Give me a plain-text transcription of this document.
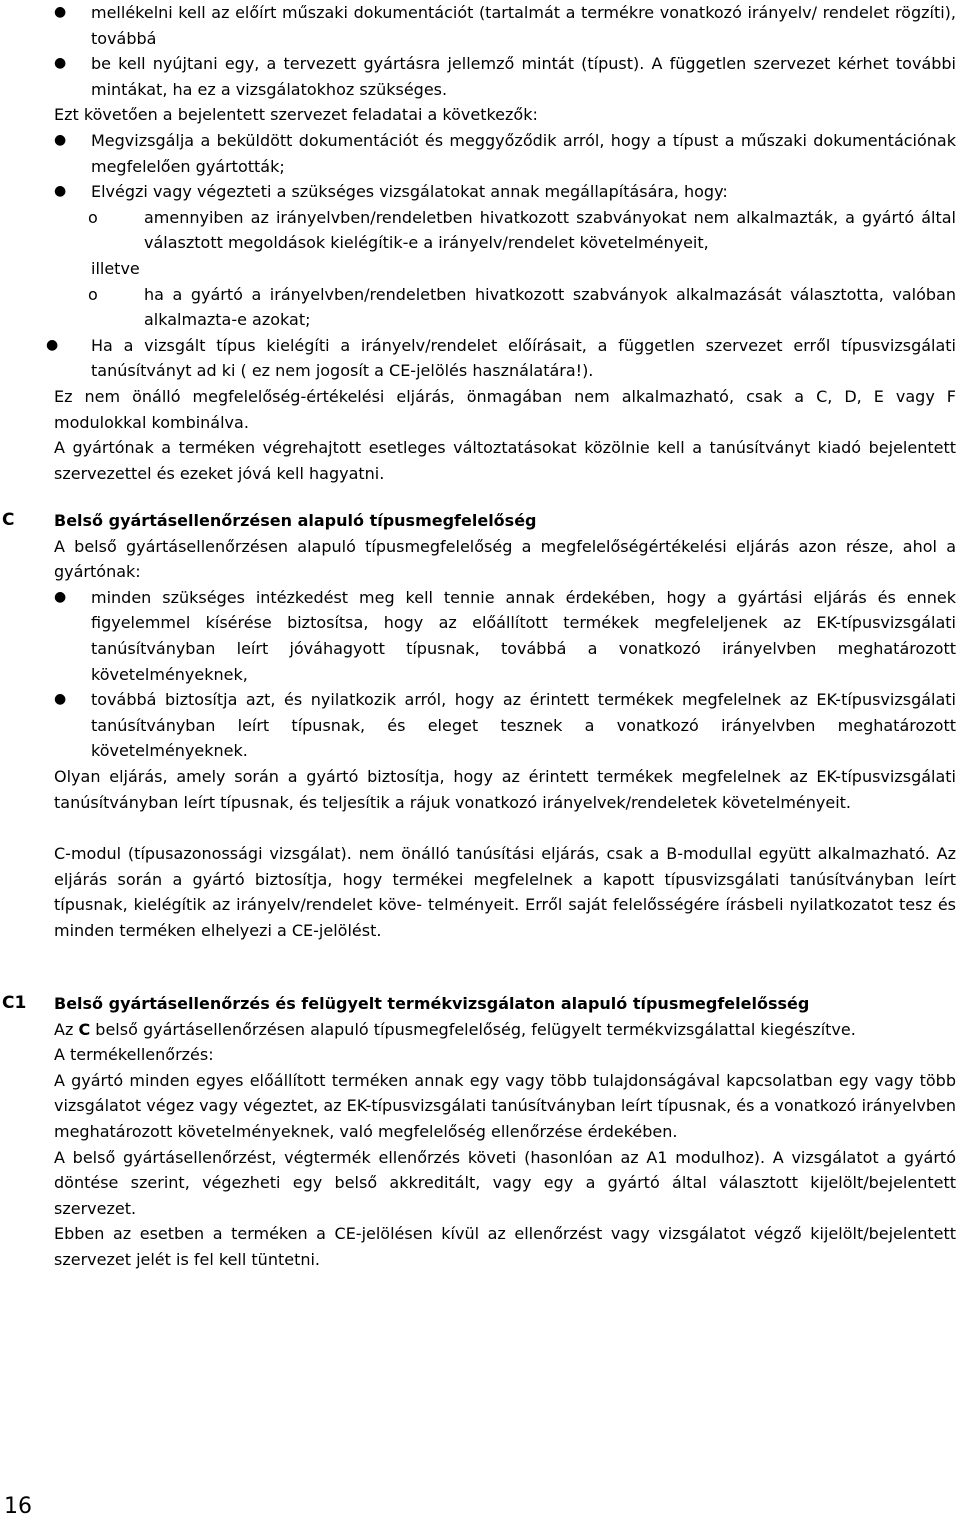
● mellékelni kell az előírt műszaki dokumentációt (tartalmát a termékre vonatkozó irányelv/ rendelet rögzíti), továbbá
● be kell nyújtani egy, a tervezett gyártásra jellemző mintát (típust). A független szervezet kérhet további mintákat, ha ez a vizsgálatokhoz szükséges.

Ezt követően a bejelentett szervezet feladatai a következők:

● Megvizsgálja a beküldött dokumentációt és meggyőződik arról, hogy a típust a műszaki dokumentációnak megfelelően gyártották;
● Elvégzi vagy végezteti a szükséges vizsgálatokat annak megállapítására, hogy:
o	amennyiben az irányelvben/rendeletben hivatkozott szabványokat nem alkalmazták, a gyártó által választott megoldások kielégítik-e a irányelv/rendelet követelményeit,

illetve

o	ha a gyártó a irányelvben/rendeletben hivatkozott szabványok alkalmazását választotta, valóban alkalmazta-e azokat;
● Ha a vizsgált típus kielégíti a irányelv/rendelet előírásait, a független szervezet erről típusvizsgálati tanúsítványt ad ki ( ez nem jogosít a CE-jelölés használatára!).

Ez nem önálló megfelelőség-értékelési eljárás, önmagában nem alkalmazható, csak a C, D, E vagy F modulokkal kombinálva.

A gyártónak a terméken végrehajtott esetleges változtatásokat közölnie kell a tanúsítványt kiadó bejelentett szervezettel és ezeket jóvá kell hagyatni.

C Belső gyártásellenőrzésen alapuló típusmegfelelőség

A belső gyártásellenőrzésen alapuló típusmegfelelőség a megfelelőségértékelési eljárás azon része, ahol a gyártónak:

● minden szükséges intézkedést meg kell tennie annak érdekében, hogy a gyártási eljárás és ennek figyelemmel kísérése biztosítsa, hogy az előállított termékek megfeleljenek az EK-típusvizsgálati tanúsítványban leírt jóváhagyott típusnak, továbbá a vonatkozó irányelvben meghatározott követelményeknek,
● továbbá biztosítja azt, és nyilatkozik arról, hogy az érintett termékek megfelelnek az EK-típusvizsgálati tanúsítványban leírt típusnak, és eleget tesznek a vonatkozó irányelvben meghatározott követelményeknek.

Olyan eljárás, amely során a gyártó biztosítja, hogy az érintett termékek megfelelnek az EK-típusvizsgálati tanúsítványban leírt típusnak, és teljesítik a rájuk vonatkozó irányelvek/rendeletek követelményeit.

C-modul (típusazonossági vizsgálat). nem önálló tanúsítási eljárás, csak a B-modullal együtt alkalmazható. Az eljárás során a gyártó biztosítja, hogy termékei megfelelnek a kapott típusvizsgálati tanúsítványban leírt típusnak, kielégítik az irányelv/rendelet köve- telményeit. Erről saját felelősségére írásbeli nyilatkozatot tesz és minden terméken elhelyezi a CE-jelölést.

C1 Belső gyártásellenőrzés és felügyelt termékvizsgálaton alapuló típusmegfelelősség

Az C belső gyártásellenőrzésen alapuló típusmegfelelőség, felügyelt termékvizsgálattal kiegészítve.

A termékellenőrzés:

A gyártó minden egyes előállított terméken annak egy vagy több tulajdonságával kapcsolatban egy vagy több vizsgálatot végez vagy végeztet, az EK-típusvizsgálati tanúsítványban leírt típusnak, és a vonatkozó irányelvben meghatározott követelményeknek, való megfelelőség ellenőrzése érdekében.

A belső gyártásellenőrzést, végtermék ellenőrzés követi (hasonlóan az A1 modulhoz). A vizsgálatot a gyártó döntése szerint, végezheti egy belső akkreditált, vagy egy a gyártó által választott kijelölt/bejelentett szervezet.

Ebben az esetben a terméken a CE-jelölésen kívül az ellenőrzést vagy vizsgálatot végző kijelölt/bejelentett szervezet jelét is fel kell tüntetni.

16
